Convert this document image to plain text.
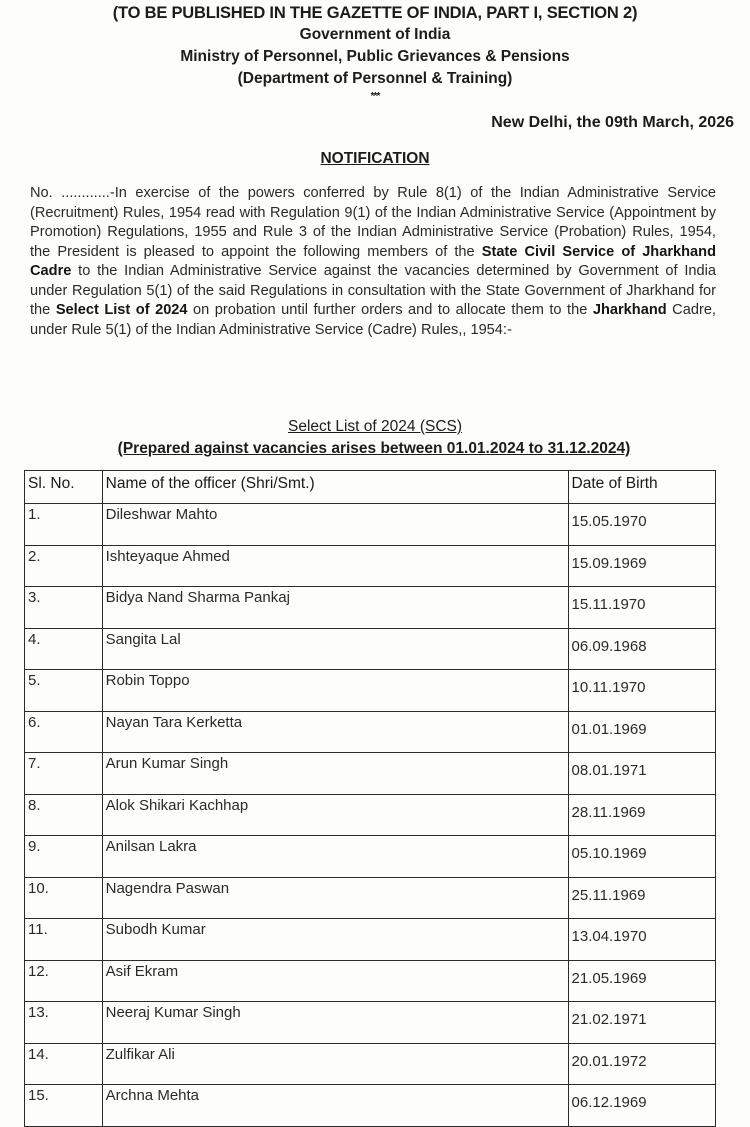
(TO BE PUBLISHED IN THE GAZETTE OF INDIA, PART I, SECTION 2)
Government of India
Ministry of Personnel, Public Grievances & Pensions
(Department of Personnel & Training)
***
New Delhi, the 09th March, 2026
NOTIFICATION
No. ............-In exercise of the powers conferred by Rule 8(1) of the Indian Administrative Service (Recruitment) Rules, 1954 read with Regulation 9(1) of the Indian Administrative Service (Appointment by Promotion) Regulations, 1955 and Rule 3 of the Indian Administrative Service (Probation) Rules, 1954, the President is pleased to appoint the following members of the State Civil Service of Jharkhand Cadre to the Indian Administrative Service against the vacancies determined by Government of India under Regulation 5(1) of the said Regulations in consultation with the State Government of Jharkhand for the Select List of 2024 on probation until further orders and to allocate them to the Jharkhand Cadre, under Rule 5(1) of the Indian Administrative Service (Cadre) Rules,, 1954:-
Select List of 2024 (SCS)
(Prepared against vacancies arises between 01.01.2024 to 31.12.2024)
Sl. No.	Name of the officer (Shri/Smt.)	Date of Birth
1.	Dileshwar Mahto	15.05.1970
2.	Ishteyaque Ahmed	15.09.1969
3.	Bidya Nand Sharma Pankaj	15.11.1970
4.	Sangita Lal	06.09.1968
5.	Robin Toppo	10.11.1970
6.	Nayan Tara Kerketta	01.01.1969
7.	Arun Kumar Singh	08.01.1971
8.	Alok Shikari Kachhap	28.11.1969
9.	Anilsan Lakra	05.10.1969
10.	Nagendra Paswan	25.11.1969
11.	Subodh Kumar	13.04.1970
12.	Asif Ekram	21.05.1969
13.	Neeraj Kumar Singh	21.02.1971
14.	Zulfikar Ali	20.01.1972
15.	Archna Mehta	06.12.1969
